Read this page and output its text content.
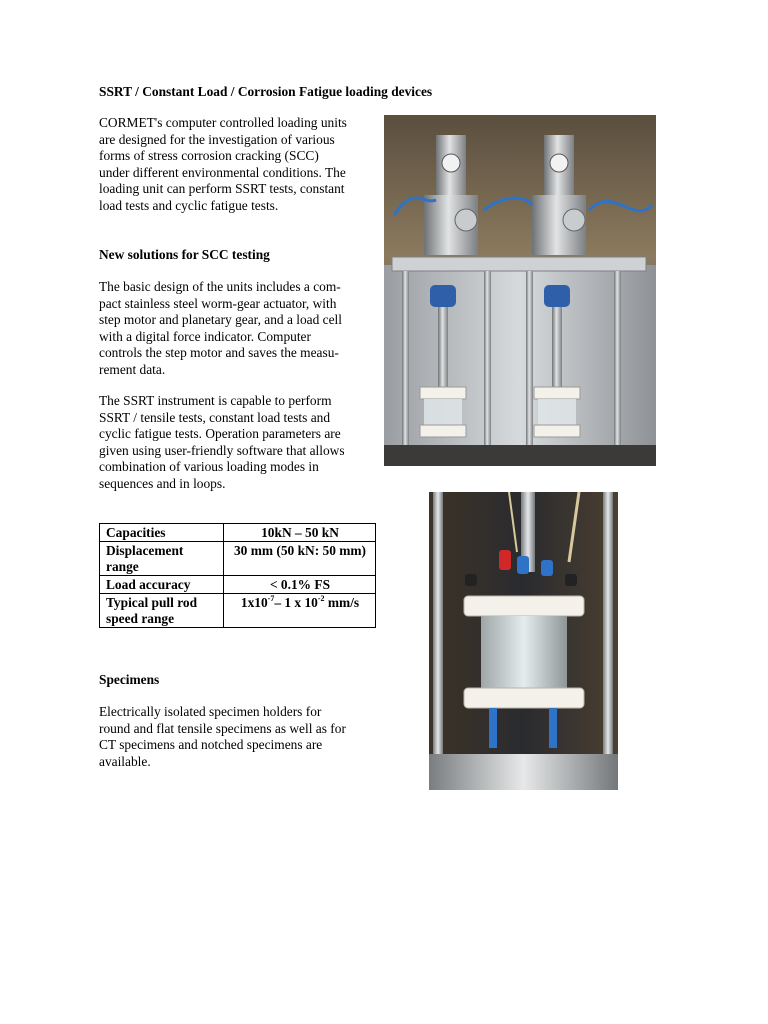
SSRT / Constant Load / Corrosion Fatigue loading devices
CORMET's computer controlled loading units
are designed for the investigation of various
forms of stress corrosion cracking (SCC)
under different environmental conditions. The
loading unit can perform SSRT tests, constant
load tests and cyclic fatigue tests.
New solutions for SCC testing
The basic design of the units includes a com-
pact stainless steel worm-gear actuator, with
step motor and planetary gear, and a load cell
with a digital force indicator. Computer
controls the step motor and saves the measu-
rement data.
The SSRT instrument is capable to perform
SSRT / tensile tests, constant load tests and
cyclic fatigue tests. Operation parameters are
given using user-friendly software that allows
combination of various loading modes in
sequences and in loops.
Capacities	10kN – 50 kN
Displacement range	30 mm (50 kN: 50 mm)
Load accuracy	< 0.1% FS
Typical pull rod speed range	$1x10^{-7}-$ 1 x $10^{-2}$ mm/s
Specimens
Electrically isolated specimen holders for
round and flat tensile specimens as well as for
CT specimens and notched specimens are
available.
